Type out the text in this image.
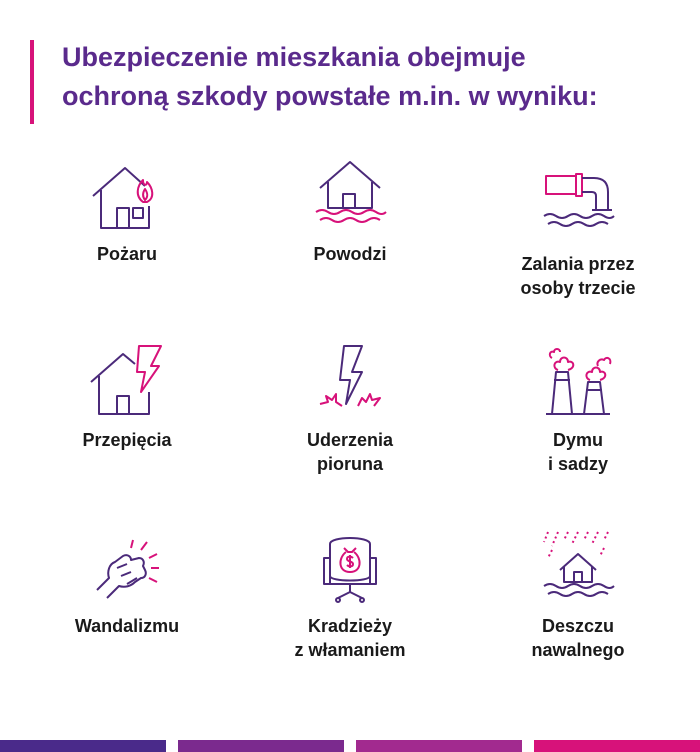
Ubezpieczenie mieszkania obejmuje
ochroną szkody powstałe m.in. w wyniku:
Pożaru	Powodzi	Zalania przez
osoby trzecie
Przepięcia	Uderzenia
pioruna
Dymu
i sadzy
Wandalizmu	Kradzieży
z włamaniem
Deszczu
nawalnego
